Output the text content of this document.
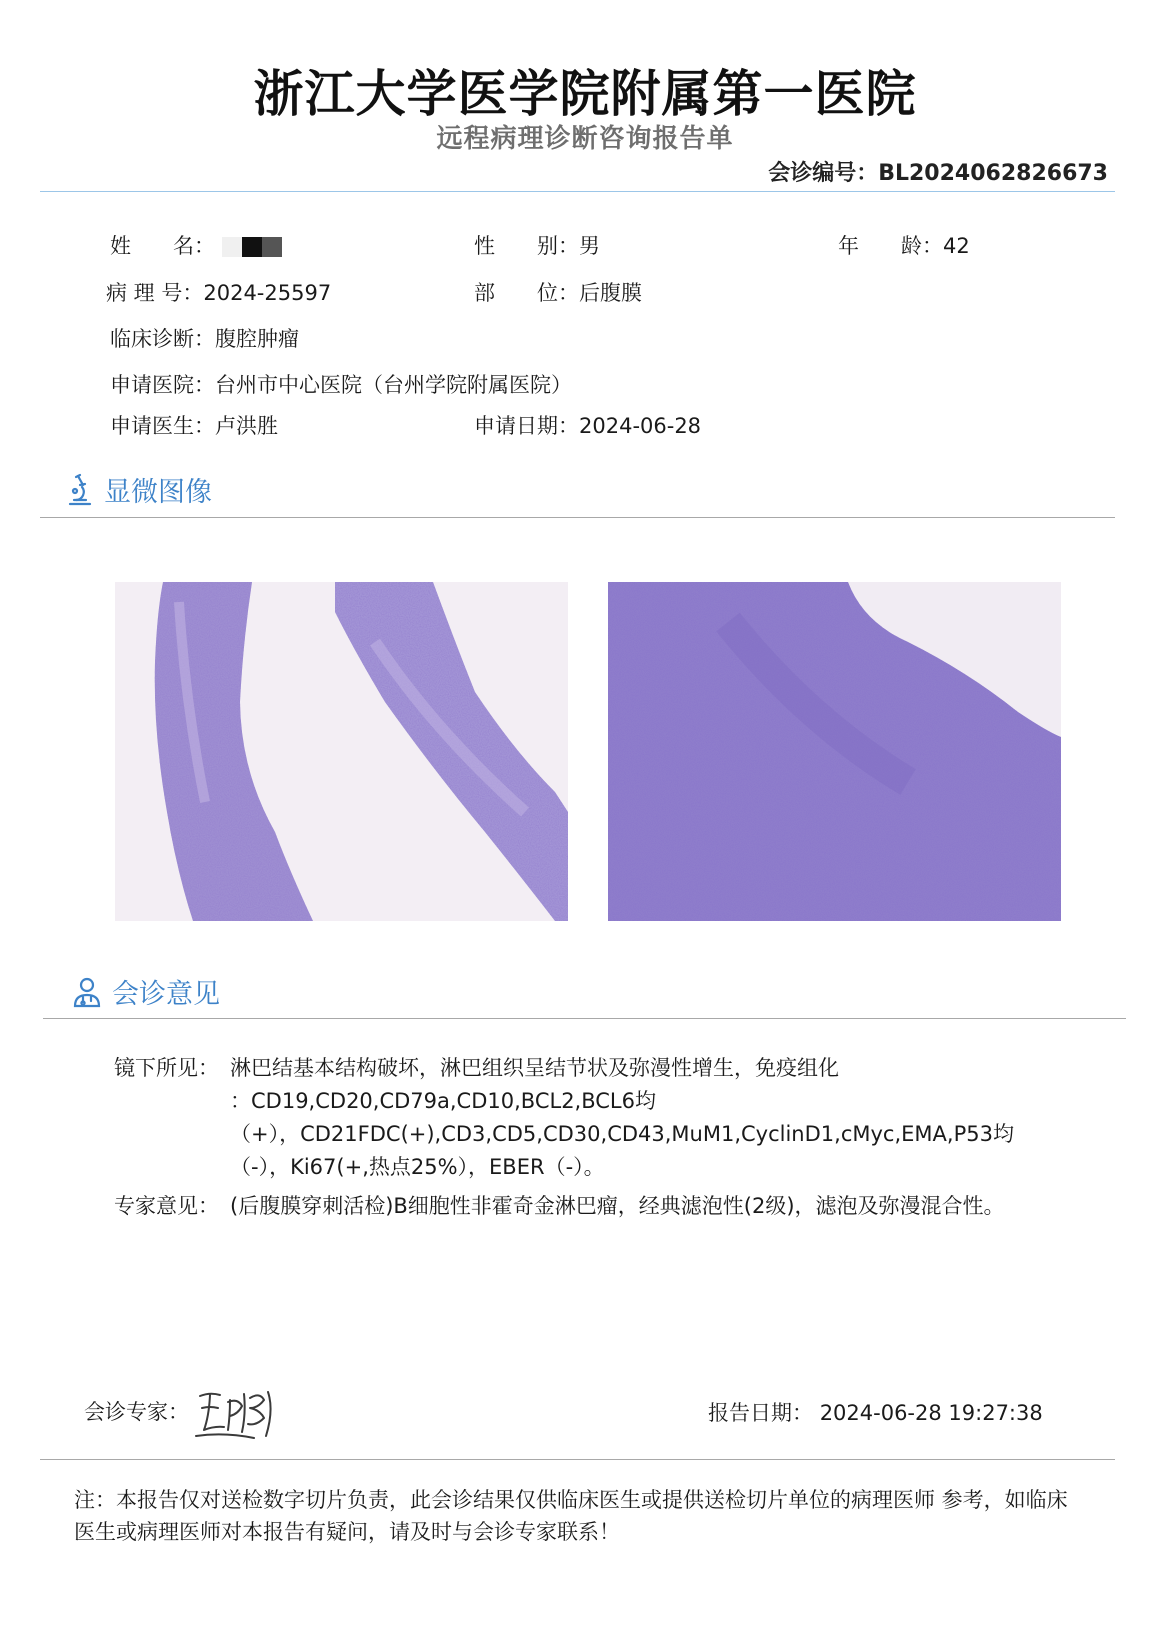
浙江大学医学院附属第一医院
远程病理诊断咨询报告单
会诊编号：BL2024062826673
姓　　名：	性　　别：男	年　　龄：42
病 理 号：2024-25597	部　　位：后腹膜
临床诊断：腹腔肿瘤
申请医院：台州市中心医院（台州学院附属医院）
申请医生：卢洪胜	申请日期：2024-06-28
显微图像
会诊意见
镜下所见： 淋巴结基本结构破坏，淋巴组织呈结节状及弥漫性增生，免疫组化
：CD19,CD20,CD79a,CD10,BCL2,BCL6均
（+），CD21FDC(+),CD3,CD5,CD30,CD43,MuM1,CyclinD1,cMyc,EMA,P53均
（-），Ki67(+,热点25%），EBER（-）。
专家意见： (后腹膜穿刺活检)B细胞性非霍奇金淋巴瘤，经典滤泡性(2级)，滤泡及弥漫混合性。
会诊专家：	报告日期： 2024-06-28 19:27:38
注：本报告仅对送检数字切片负责，此会诊结果仅供临床医生或提供送检切片单位的病理医师 参考，如临床医生或病理医师对本报告有疑问，请及时与会诊专家联系！
